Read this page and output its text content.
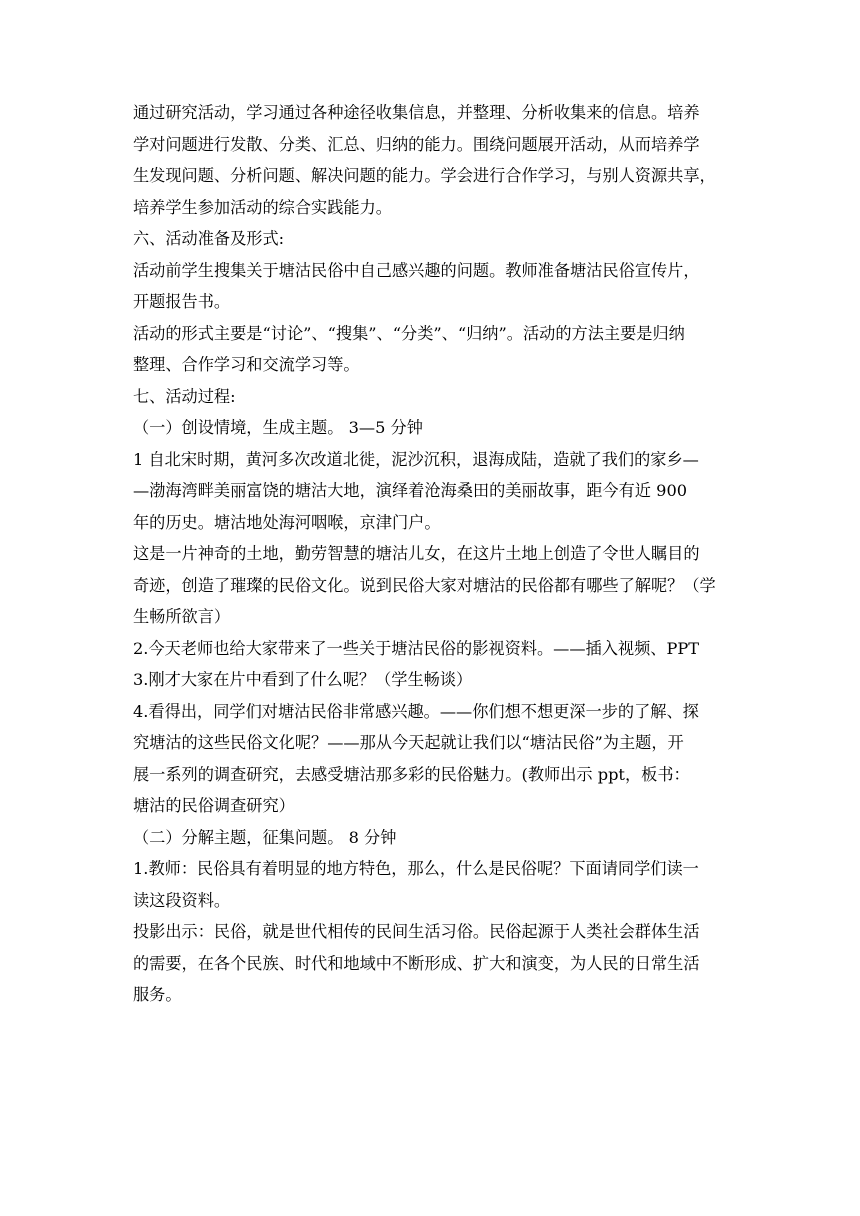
通过研究活动，学习通过各种途径收集信息，并整理、分析收集来的信息。培养
学对问题进行发散、分类、汇总、归纳的能力。围绕问题展开活动，从而培养学
生发现问题、分析问题、解决问题的能力。学会进行合作学习，与别人资源共享，
培养学生参加活动的综合实践能力。
六、活动准备及形式:
活动前学生搜集关于塘沽民俗中自己感兴趣的问题。教师准备塘沽民俗宣传片，
开题报告书。
活动的形式主要是“讨论”、“搜集”、“分类”、“归纳”。活动的方法主要是归纳
整理、合作学习和交流学习等。
七、活动过程:
（一）创设情境，生成主题。 3—5 分钟
1 自北宋时期，黄河多次改道北徙，泥沙沉积，退海成陆，造就了我们的家乡—
—渤海湾畔美丽富饶的塘沽大地，演绎着沧海桑田的美丽故事，距今有近 900
年的历史。塘沽地处海河咽喉，京津门户。
这是一片神奇的土地，勤劳智慧的塘沽儿女，在这片土地上创造了令世人瞩目的
奇迹，创造了璀璨的民俗文化。说到民俗大家对塘沽的民俗都有哪些了解呢？（学
生畅所欲言）
2.今天老师也给大家带来了一些关于塘沽民俗的影视资料。——插入视频、PPT
3.刚才大家在片中看到了什么呢？（学生畅谈）
4.看得出，同学们对塘沽民俗非常感兴趣。——你们想不想更深一步的了解、探
究塘沽的这些民俗文化呢？——那从今天起就让我们以“塘沽民俗”为主题，开
展一系列的调查研究，去感受塘沽那多彩的民俗魅力。(教师出示 ppt，板书：
塘沽的民俗调查研究）
（二）分解主题，征集问题。 8 分钟
1.教师：民俗具有着明显的地方特色，那么，什么是民俗呢？下面请同学们读一
读这段资料。
投影出示：民俗，就是世代相传的民间生活习俗。民俗起源于人类社会群体生活
的需要，在各个民族、时代和地域中不断形成、扩大和演变，为人民的日常生活
服务。
